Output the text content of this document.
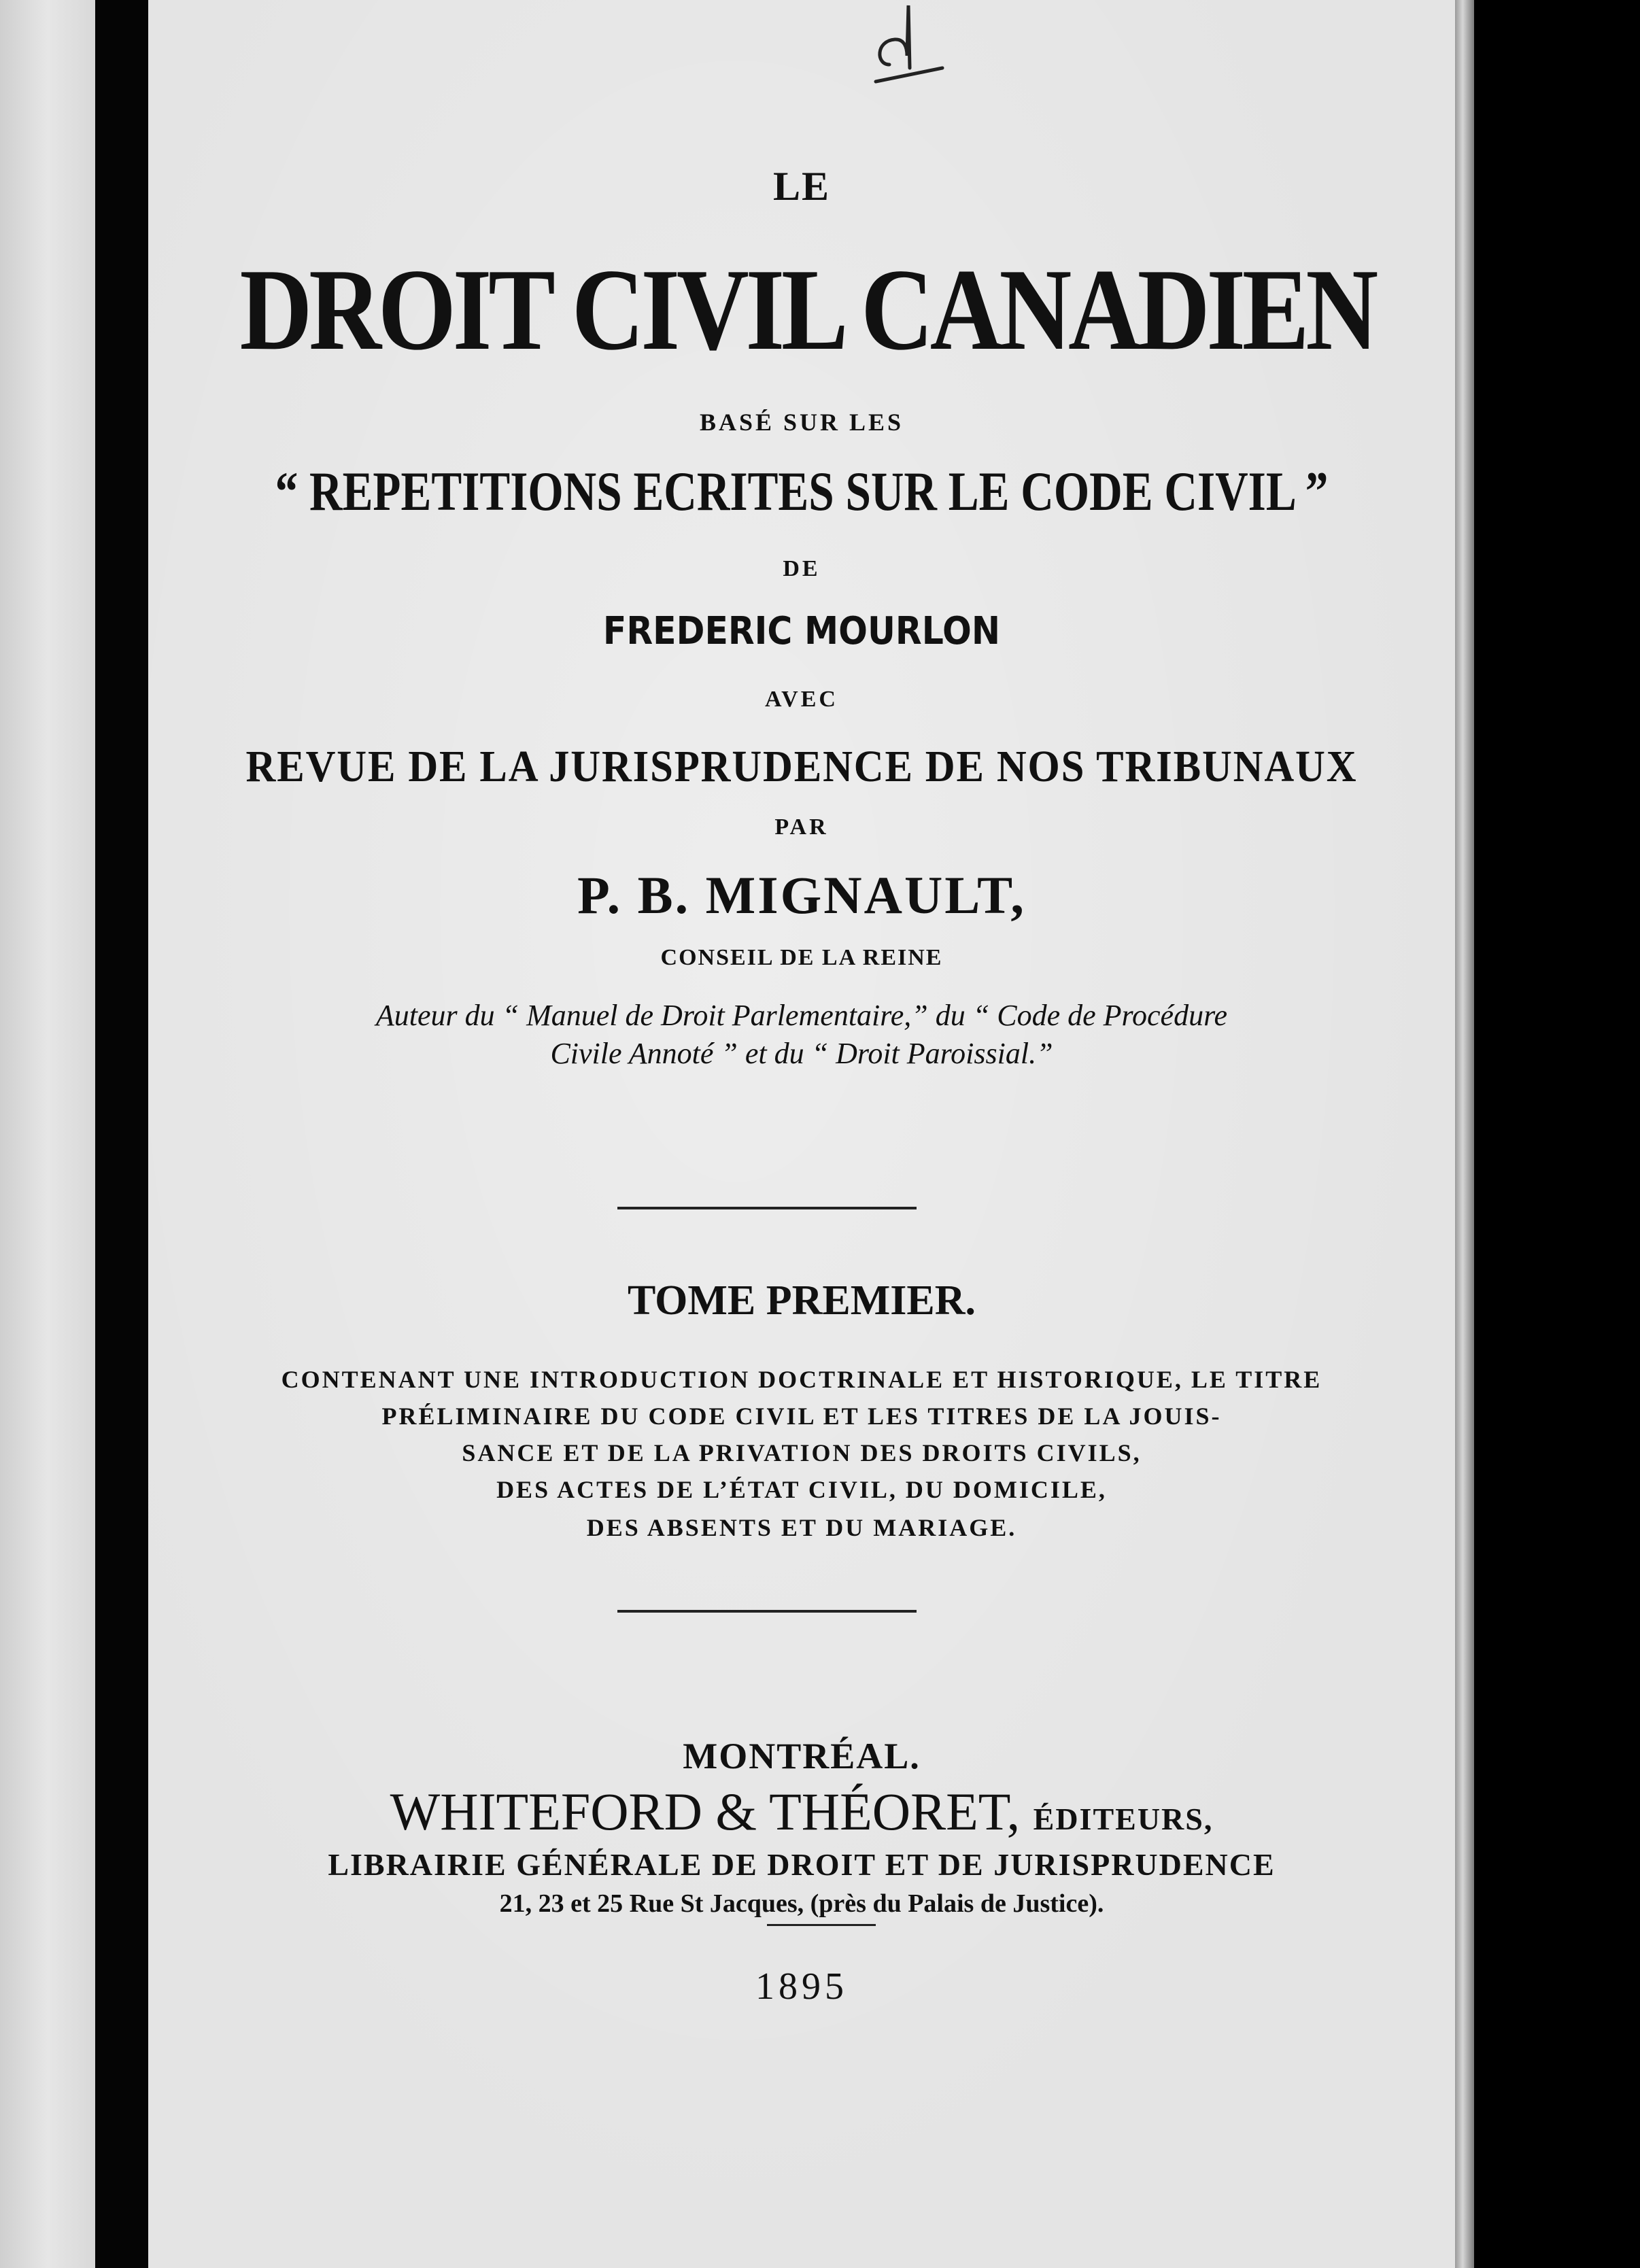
LE
DROIT CIVIL CANADIEN
BASÉ SUR LES
“ REPETITIONS ECRITES SUR LE CODE CIVIL ”
DE
FREDERIC MOURLON
AVEC
REVUE DE LA JURISPRUDENCE DE NOS TRIBUNAUX
PAR
P. B. MIGNAULT,
CONSEIL DE LA REINE
Auteur du “ Manuel de Droit Parlementaire,” du “ Code de Procédure
Civile Annoté ” et du “ Droit Paroissial.”
TOME PREMIER.
CONTENANT UNE INTRODUCTION DOCTRINALE ET HISTORIQUE, LE TITRE
PRÉLIMINAIRE DU CODE CIVIL ET LES TITRES DE LA JOUIS-
SANCE ET DE LA PRIVATION DES DROITS CIVILS,
DES ACTES DE L’ÉTAT CIVIL, DU DOMICILE,
DES ABSENTS ET DU MARIAGE.
MONTRÉAL.
WHITEFORD & THÉORET, ÉDITEURS,
LIBRAIRIE GÉNÉRALE DE DROIT ET DE JURISPRUDENCE
21, 23 et 25 Rue St Jacques, (près du Palais de Justice).
1895
